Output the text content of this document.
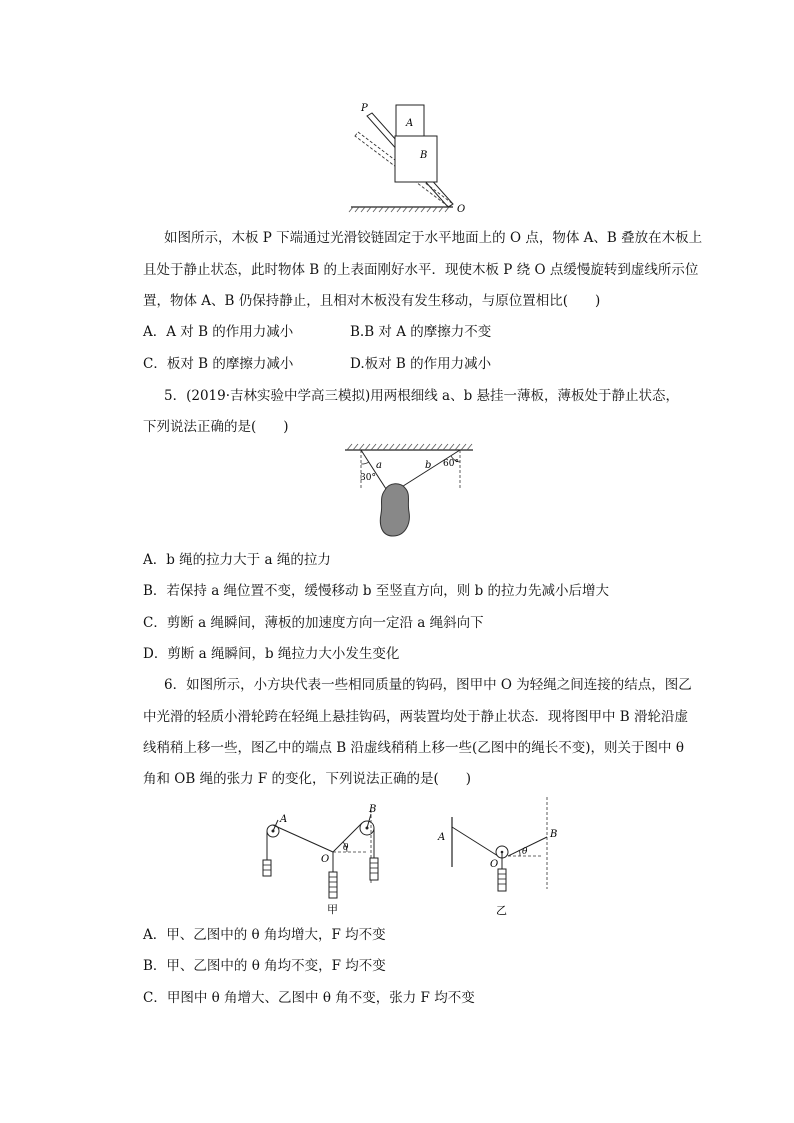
A
B
P
O
如图所示，木板 P 下端通过光滑铰链固定于水平地面上的 O 点，物体 A、B 叠放在木板上
且处于静止状态，此时物体 B 的上表面刚好水平．现使木板 P 绕 O 点缓慢旋转到虚线所示位
置，物体 A、B 仍保持静止，且相对木板没有发生移动，与原位置相比(　　)
A．A 对 B 的作用力减小	B.B 对 A 的摩擦力不变
C．板对 B 的摩擦力减小	D.板对 B 的作用力减小
5．(2019·吉林实验中学高三模拟)用两根细线 a、b 悬挂一薄板，薄板处于静止状态，
下列说法正确的是(　　)
a	b
30°
60°
A．b 绳的拉力大于 a 绳的拉力
B．若保持 a 绳位置不变，缓慢移动 b 至竖直方向，则 b 的拉力先减小后增大
C．剪断 a 绳瞬间，薄板的加速度方向一定沿 a 绳斜向下
D．剪断 a 绳瞬间，b 绳拉力大小发生变化
6．如图所示，小方块代表一些相同质量的钩码，图甲中 O 为轻绳之间连接的结点，图乙
中光滑的轻质小滑轮跨在轻绳上悬挂钩码，两装置均处于静止状态．现将图甲中 B 滑轮沿虚
线稍稍上移一些，图乙中的端点 B 沿虚线稍稍上移一些(乙图中的绳长不变)，则关于图中 θ
角和 OB 绳的张力 F 的变化，下列说法正确的是(　　)
A
B
O
θ
甲
A	B
O
θ
乙
A．甲、乙图中的 θ 角均增大，F 均不变
B．甲、乙图中的 θ 角均不变，F 均不变
C．甲图中 θ 角增大、乙图中 θ 角不变，张力 F 均不变
